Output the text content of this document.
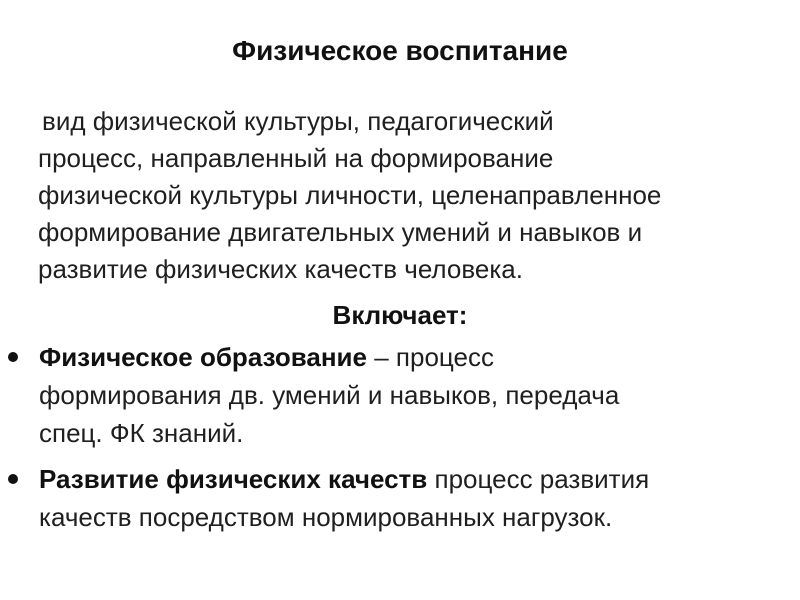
Физическое воспитание
вид физической культуры, педагогический
процесс, направленный на формирование
физической культуры личности, целенаправленное
формирование двигательных умений и навыков и
развитие физических качеств человека.
Включает:
Физическое образование – процесс
формирования дв. умений и навыков, передача
спец. ФК знаний.
Развитие физических качеств процесс развития
качеств посредством нормированных нагрузок.
